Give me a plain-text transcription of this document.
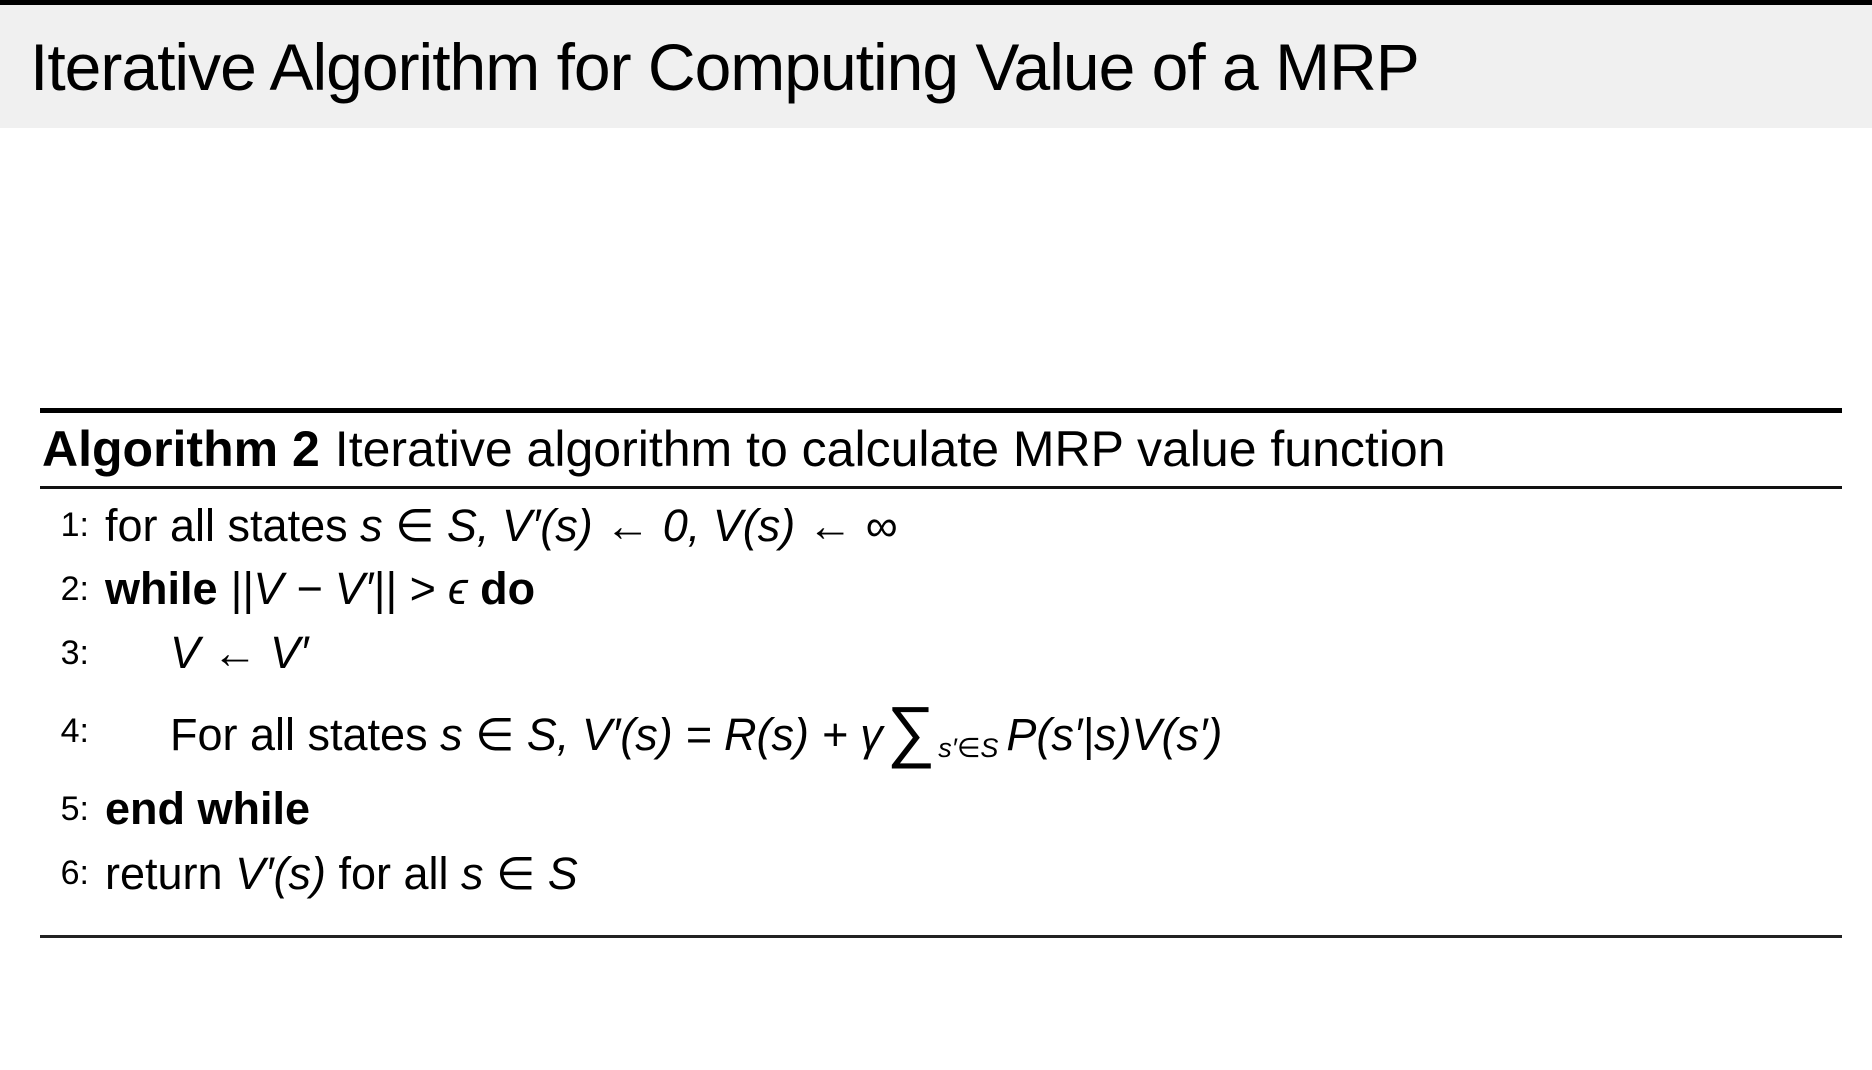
Iterative Algorithm for Computing Value of a MRP
Algorithm 2 Iterative algorithm to calculate MRP value function
1: for all states s ∈ S, V′(s) ← 0, V(s) ← ∞
2: while ||V − V′|| > ϵ do
3:	V ← V′
4:	For all states s ∈ S, V′(s) = R(s) + γ ∑ s′∈S P(s′|s)V(s′)
5: end while
6: return V′(s) for all s ∈ S
